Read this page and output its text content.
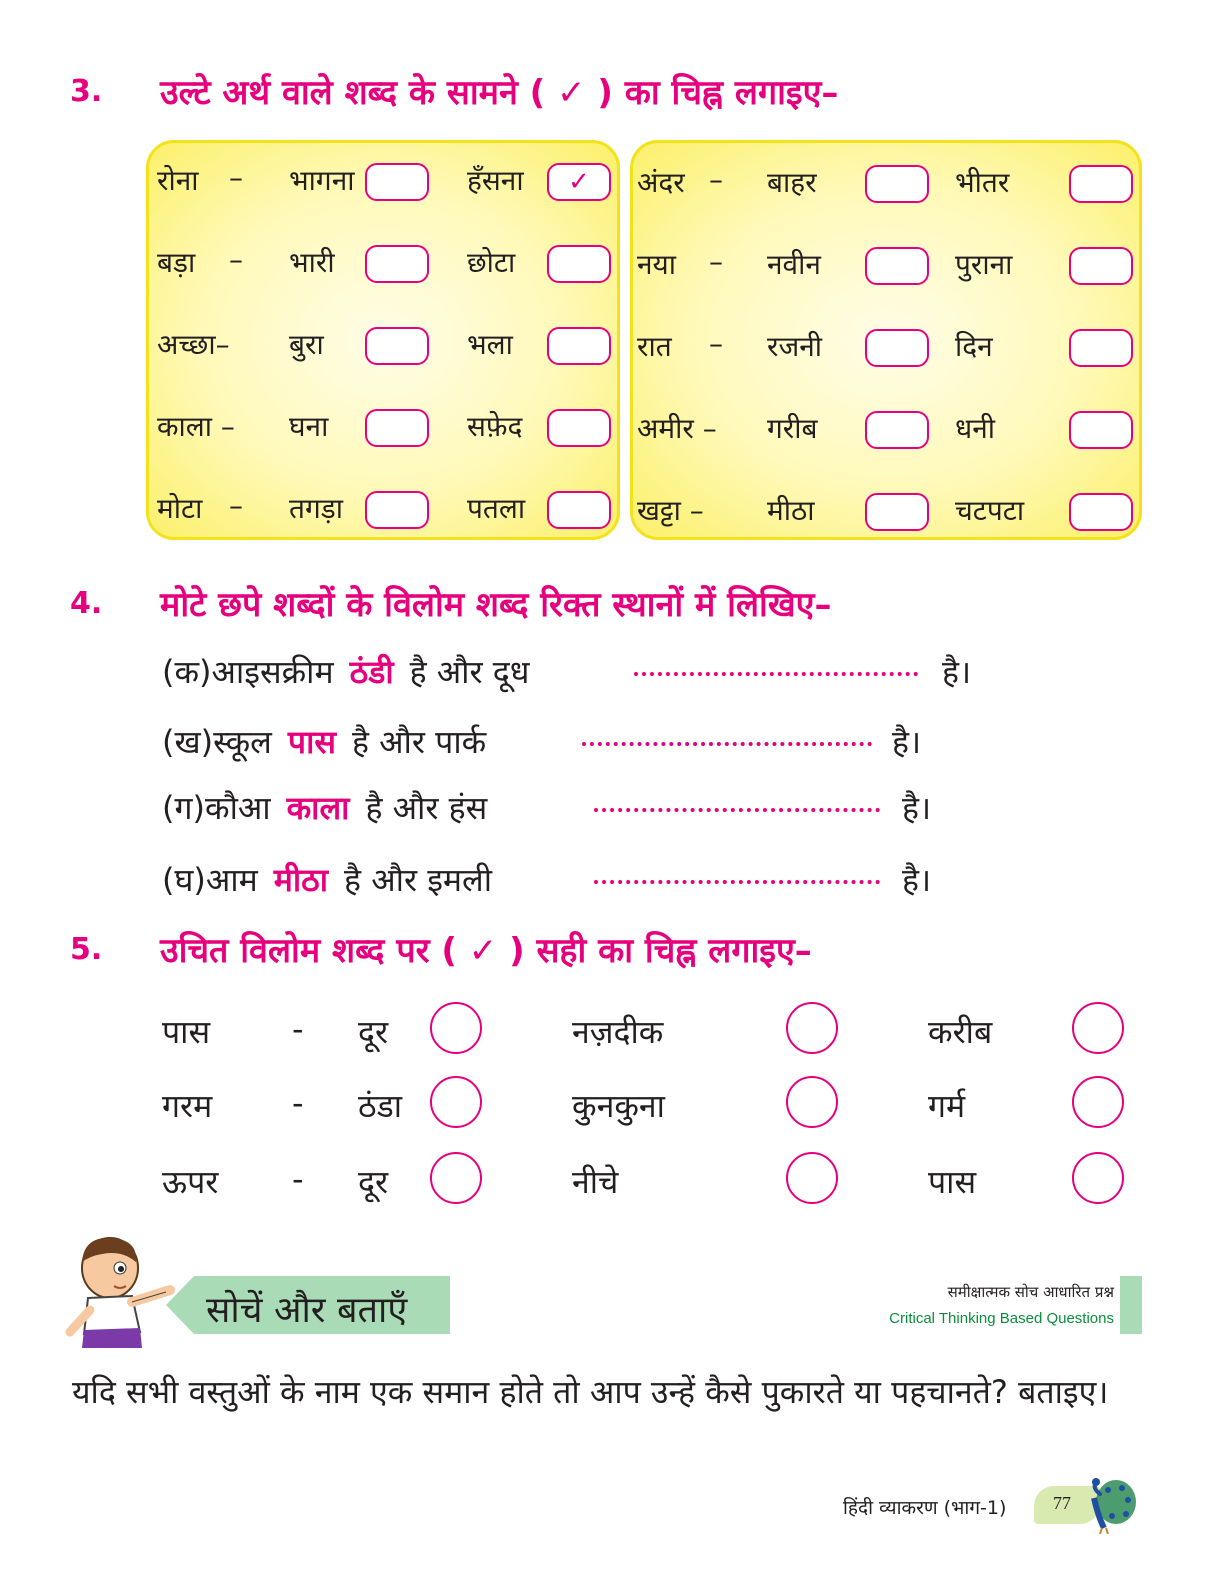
3.	उल्टे अर्थ वाले शब्द के सामने ( ✓ ) का चिह्न लगाइए–
रोना – भागना	हँसना	✓
बड़ा – भारी	छोटा
अच्छा– बुरा	भला
काला – घना	सफ़ेद
मोटा – तगड़ा	पतला
अंदर – बाहर	भीतर
नया – नवीन	पुराना
रात – रजनी	दिन
अमीर – गरीब	धनी
खट्टा – मीठा	चटपटा
4.	मोटे छपे शब्दों के विलोम शब्द रिक्त स्थानों में लिखिए–
(क) आइसक्रीम ठंडी है और दूध	है।
(ख) स्कूल पास है और पार्क	है।
(ग) कौआ काला है और हंस	है।
(घ) आम मीठा है और इमली	है।
5.	उचित विलोम शब्द पर ( ✓ ) सही का चिह्न लगाइए–
पास	- दूर	नज़दीक	करीब
गरम - ठंडा	कुनकुना	गर्म
ऊपर - दूर	नीचे	पास
सोचें और बताएँ	समीक्षात्मक सोच आधारित प्रश्न
Critical Thinking Based Questions
यदि सभी वस्तुओं के नाम एक समान होते तो आप उन्हें कैसे पुकारते या पहचानते? बताइए।
हिंदी व्याकरण (भाग-1)	77
